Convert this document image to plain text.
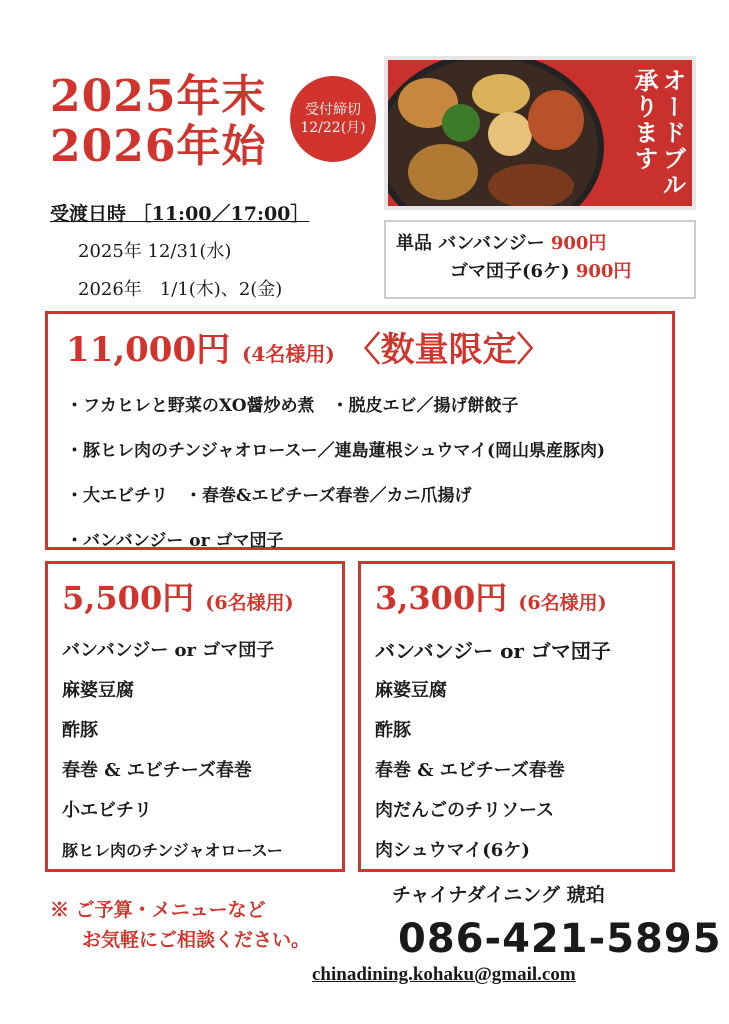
2025年末
2026年始
受付締切
12/22(月)	オードブル承ります
受渡日時 ［11:00／17:00］
2025年 12/31(水)
2026年　1/1(木)、2(金)
単品 バンバンジー 900円
ゴマ団子(6ケ) 900円
11,000円 (4名様用) 〈数量限定〉
・フカヒレと野菜のXO醤炒め煮　・脱皮エビ／揚げ餅餃子
・豚ヒレ肉のチンジャオロースー／連島蓮根シュウマイ(岡山県産豚肉)
・大エビチリ　・春巻&エビチーズ春巻／カニ爪揚げ
・バンバンジー or ゴマ団子
5,500円 (6名様用)
バンバンジー or ゴマ団子
麻婆豆腐
酢豚
春巻 & エビチーズ春巻
小エビチリ
豚ヒレ肉のチンジャオロースー
3,300円 (6名様用)
バンバンジー or ゴマ団子
麻婆豆腐
酢豚
春巻 & エビチーズ春巻
肉だんごのチリソース
肉シュウマイ(6ケ)
※ ご予算・メニューなど
お気軽にご相談ください。
チャイナダイニング 琥珀
086-421-5895
chinadining.kohaku@gmail.com
